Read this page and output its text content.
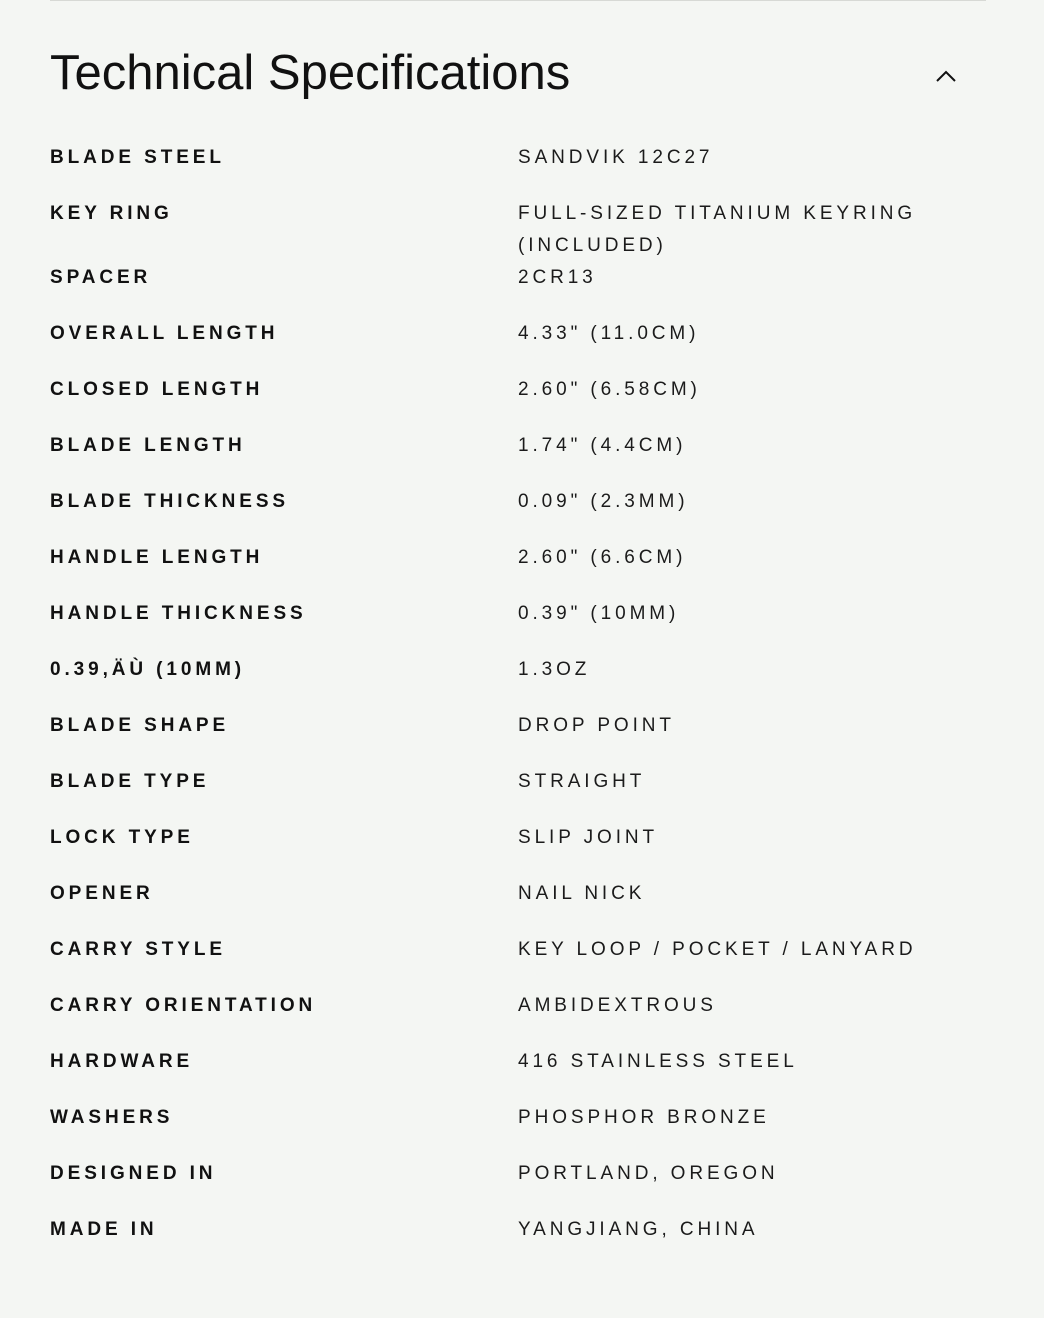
Technical Specifications
BLADE STEEL	SANDVIK 12C27
KEY RING	FULL-SIZED TITANIUM KEYRING (INCLUDED)
SPACER	2CR13
OVERALL LENGTH	4.33" (11.0CM)
CLOSED LENGTH	2.60" (6.58CM)
BLADE LENGTH	1.74" (4.4CM)
BLADE THICKNESS	0.09" (2.3MM)
HANDLE LENGTH	2.60" (6.6CM)
HANDLE THICKNESS	0.39" (10MM)
0.39,ÄÙ (10MM)	1.3OZ
BLADE SHAPE	DROP POINT
BLADE TYPE	STRAIGHT
LOCK TYPE	SLIP JOINT
OPENER	NAIL NICK
CARRY STYLE	KEY LOOP / POCKET / LANYARD
CARRY ORIENTATION	AMBIDEXTROUS
HARDWARE	416 STAINLESS STEEL
WASHERS	PHOSPHOR BRONZE
DESIGNED IN	PORTLAND, OREGON
MADE IN	YANGJIANG, CHINA
